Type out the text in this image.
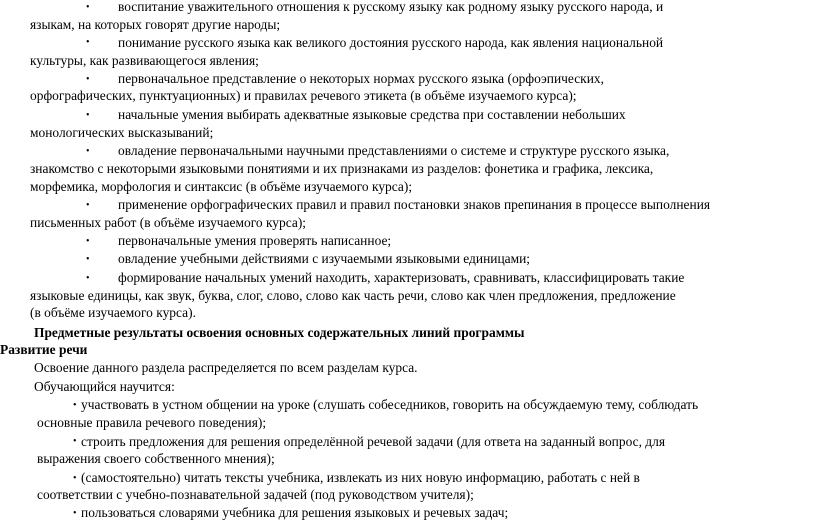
• воспитание уважительного отношения к русскому языку как родному языку русского народа, и
языкам, на которых говорят другие народы;
• понимание русского языка как великого достояния русского народа, как явления национальной
культуры, как развивающегося явления;
• первоначальное представление о некоторых нормах русского языка (орфоэпических,
орфографических, пунктуационных) и правилах речевого этикета (в объёме изучаемого курса);
• начальные умения выбирать адекватные языковые средства при составлении небольших
монологических высказываний;
• овладение первоначальными научными представлениями о системе и структуре русского языка,
знакомство с некоторыми языковыми понятиями и их признаками из разделов: фонетика и графика, лексика,
морфемика, морфология и синтаксис (в объёме изучаемого курса);
• применение орфографических правил и правил постановки знаков препинания в процессе выполнения
письменных работ (в объёме изучаемого курса);
• первоначальные умения проверять написанное;
• овладение учебными действиями с изучаемыми языковыми единицами;
• формирование начальных умений находить, характеризовать, сравнивать, классифицировать такие
языковые единицы, как звук, буква, слог, слово, слово как часть речи, слово как член предложения, предложение
(в объёме изучаемого курса).
Предметные результаты освоения основных содержательных линий программы
Развитие речи
Освоение данного раздела распределяется по всем разделам курса.
Обучающийся научится:
• участвовать в устном общении на уроке (слушать собеседников, говорить на обсуждаемую тему, соблюдать
основные правила речевого поведения);
• строить предложения для решения определённой речевой задачи (для ответа на заданный вопрос, для
выражения своего собственного мнения);
• (самостоятельно) читать тексты учебника, извлекать из них новую информацию, работать с ней в
соответствии с учебно-познавательной задачей (под руководством учителя);
• пользоваться словарями учебника для решения языковых и речевых задач;
